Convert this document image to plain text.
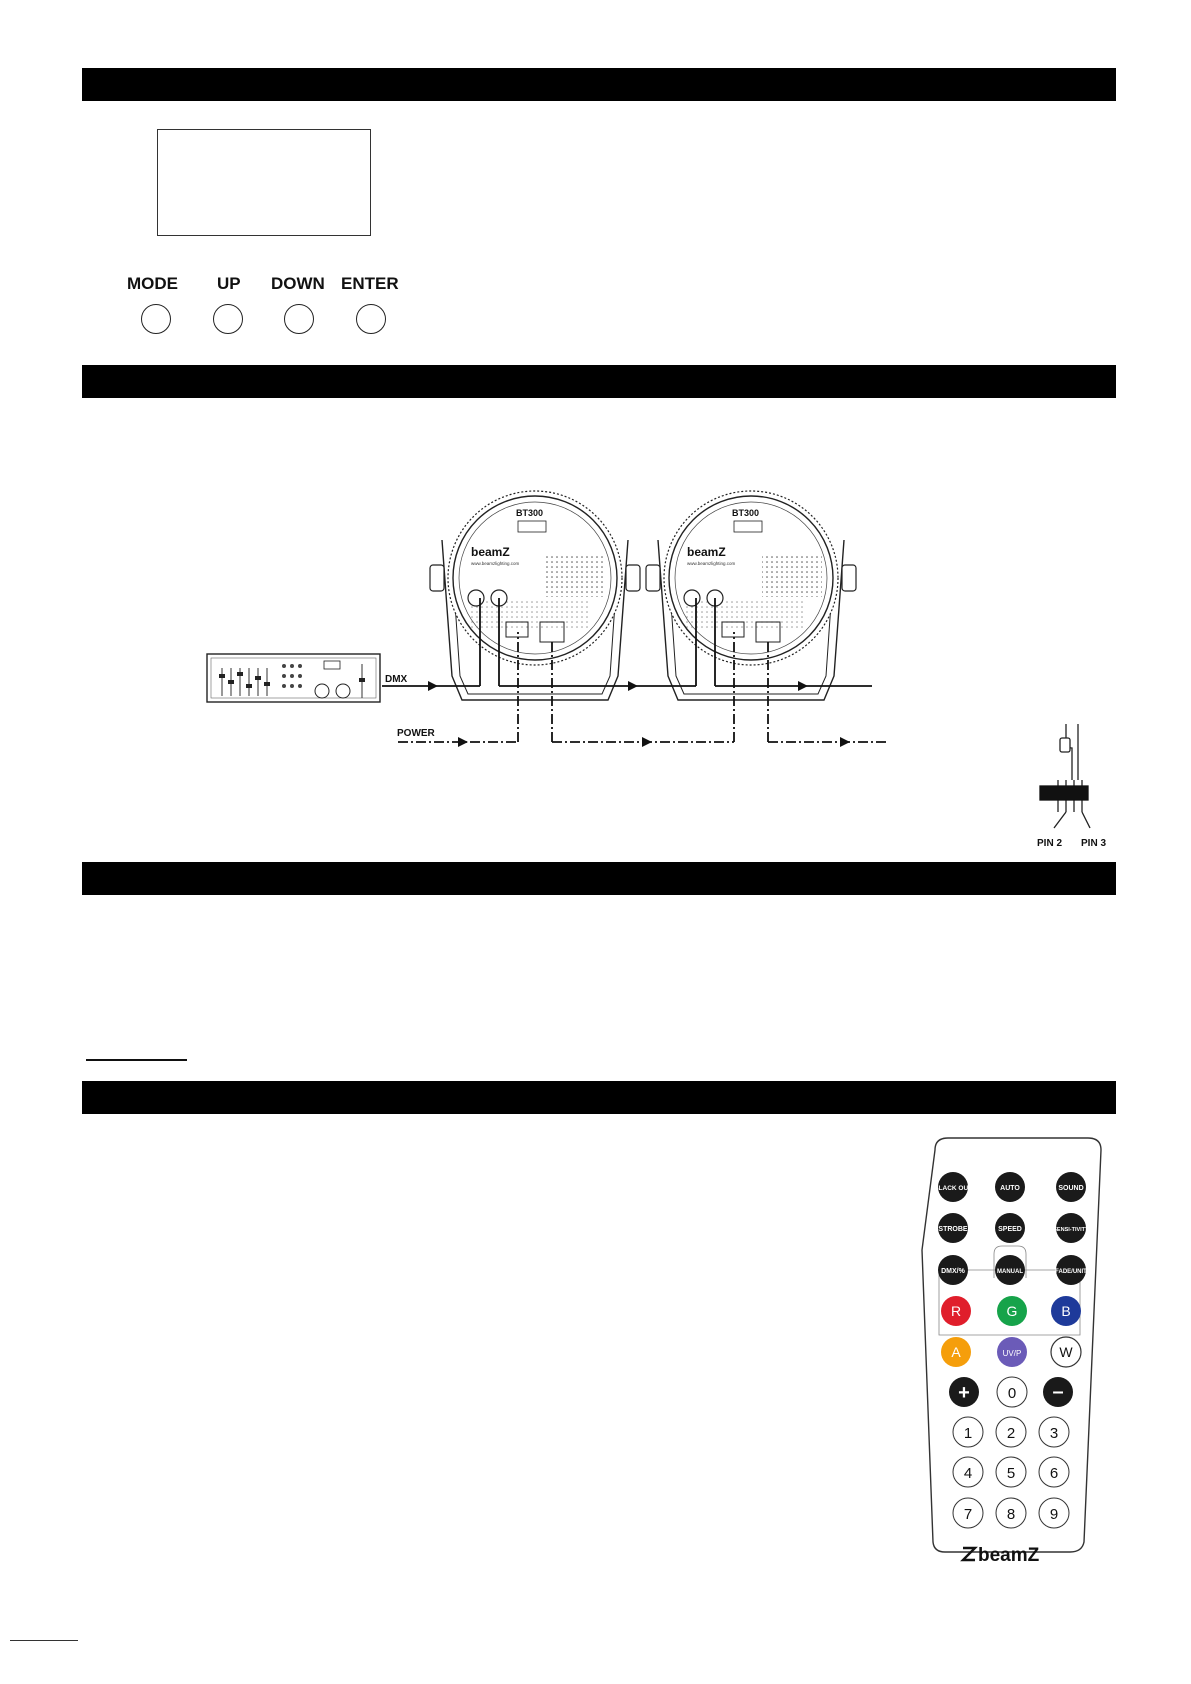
MODE UP DOWN ENTER
BT300
beamZ
www.beamzlighting.com
BT300
beamZ
www.beamzlighting.com
DMX
POWER
PIN 2 PIN 3
BLACK OUT	AUTO	SOUND
STROBE	SPEED	SENSI-TIVITY
DMX/%	MANUAL	FADE/UNIT
R	G	B
A	UV/P	W
+	0 –
1 2 3
4 5 6
7 8 9
beamZ
